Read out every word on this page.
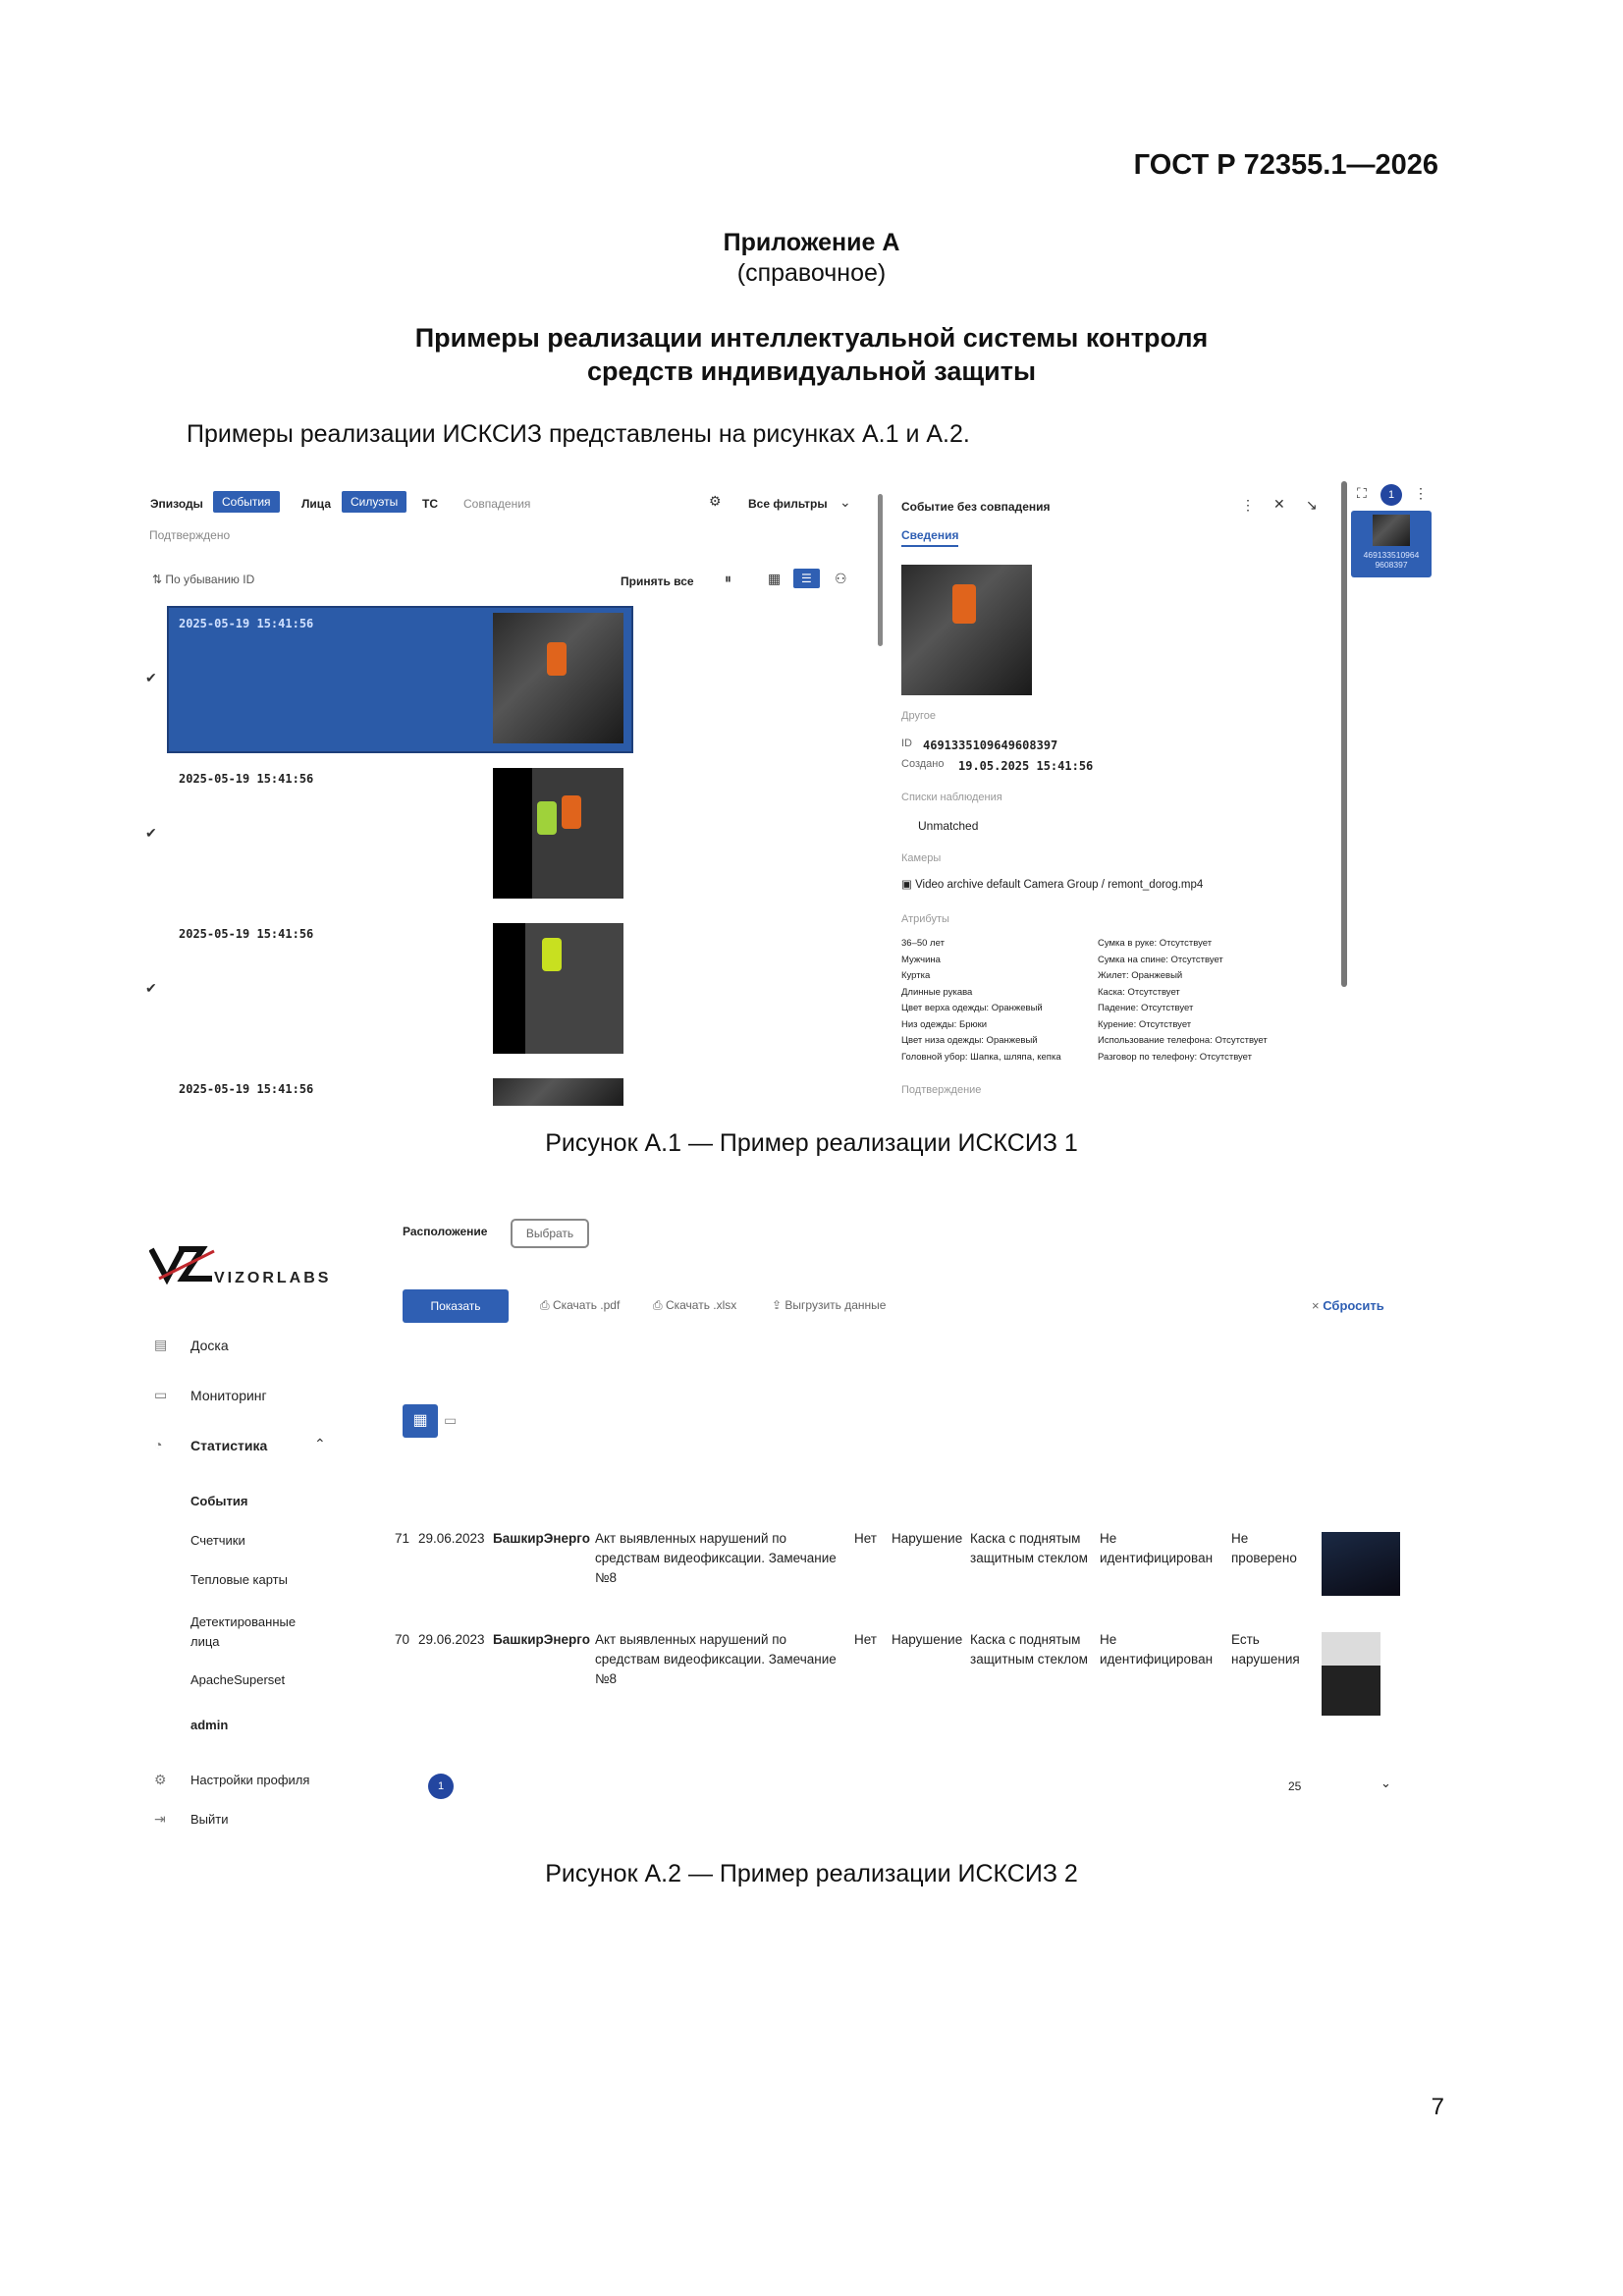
ГОСТ Р 72355.1—2026
Приложение А
(справочное)
Примеры реализации интеллектуальной системы контроля
средств индивидуальной защиты
Примеры реализации ИСКСИЗ представлены на рисунках А.1 и А.2.
Эпизоды	События	Лица	Силуэты	ТС Совпадения
Подтверждено
⇅ По убыванию ID
⚙ Все фильтры ⌄
Принять все ⏸	▦	☰	⚇
2025-05-19 15:41:56
✔
2025-05-19 15:41:56
✔
2025-05-19 15:41:56
✔
2025-05-19 15:41:56
Событие без совпадения	⋮ ✕ ↘
Сведения
Другое
ID 4691335109649608397
Создано 19.05.2025 15:41:56
Списки наблюдения
Unmatched
Камеры
▣ Video archive default Camera Group / remont_dorog.mp4
Атрибуты
36–50 лет
Мужчина
Куртка
Длинные рукава
Цвет верха одежды: Оранжевый
Низ одежды: Брюки
Цвет низа одежды: Оранжевый
Головной убор: Шапка, шляпа, кепка
Сумка в руке: Отсутствует
Сумка на спине: Отсутствует
Жилет: Оранжевый
Каска: Отсутствует
Падение: Отсутствует
Курение: Отсутствует
Использование телефона: Отсутствует
Разговор по телефону: Отсутствует
Подтверждение
⛶	1	⋮
469133510964 9608397
Рисунок А.1 — Пример реализации ИСКСИЗ 1
VIZORLABS
▤ Доска
▭ Мониторинг
◔ Статистика	⌃
События
Счетчики
Тепловые карты
Детектированные лица
ApacheSuperset
admin
⚙ Настройки профиля
⇥ Выйти
Расположение	Выбрать
Показать	⎙ Скачать .pdf	⎙ Скачать .xlsx	⇪ Выгрузить данные	× Сбросить
▦	▭
71 29.06.2023 БашкирЭнерго Акт выявленных нарушений по средствам видеофиксации. Замечание №8
Нет Нарушение Каска с поднятым защитным стеклом
Не идентифицирован
Не проверено
70 29.06.2023 БашкирЭнерго Акт выявленных нарушений по средствам видеофиксации. Замечание №8
Нет Нарушение Каска с поднятым защитным стеклом
Не идентифицирован
Есть нарушения
1	25	⌄
Рисунок А.2 — Пример реализации ИСКСИЗ 2
7
